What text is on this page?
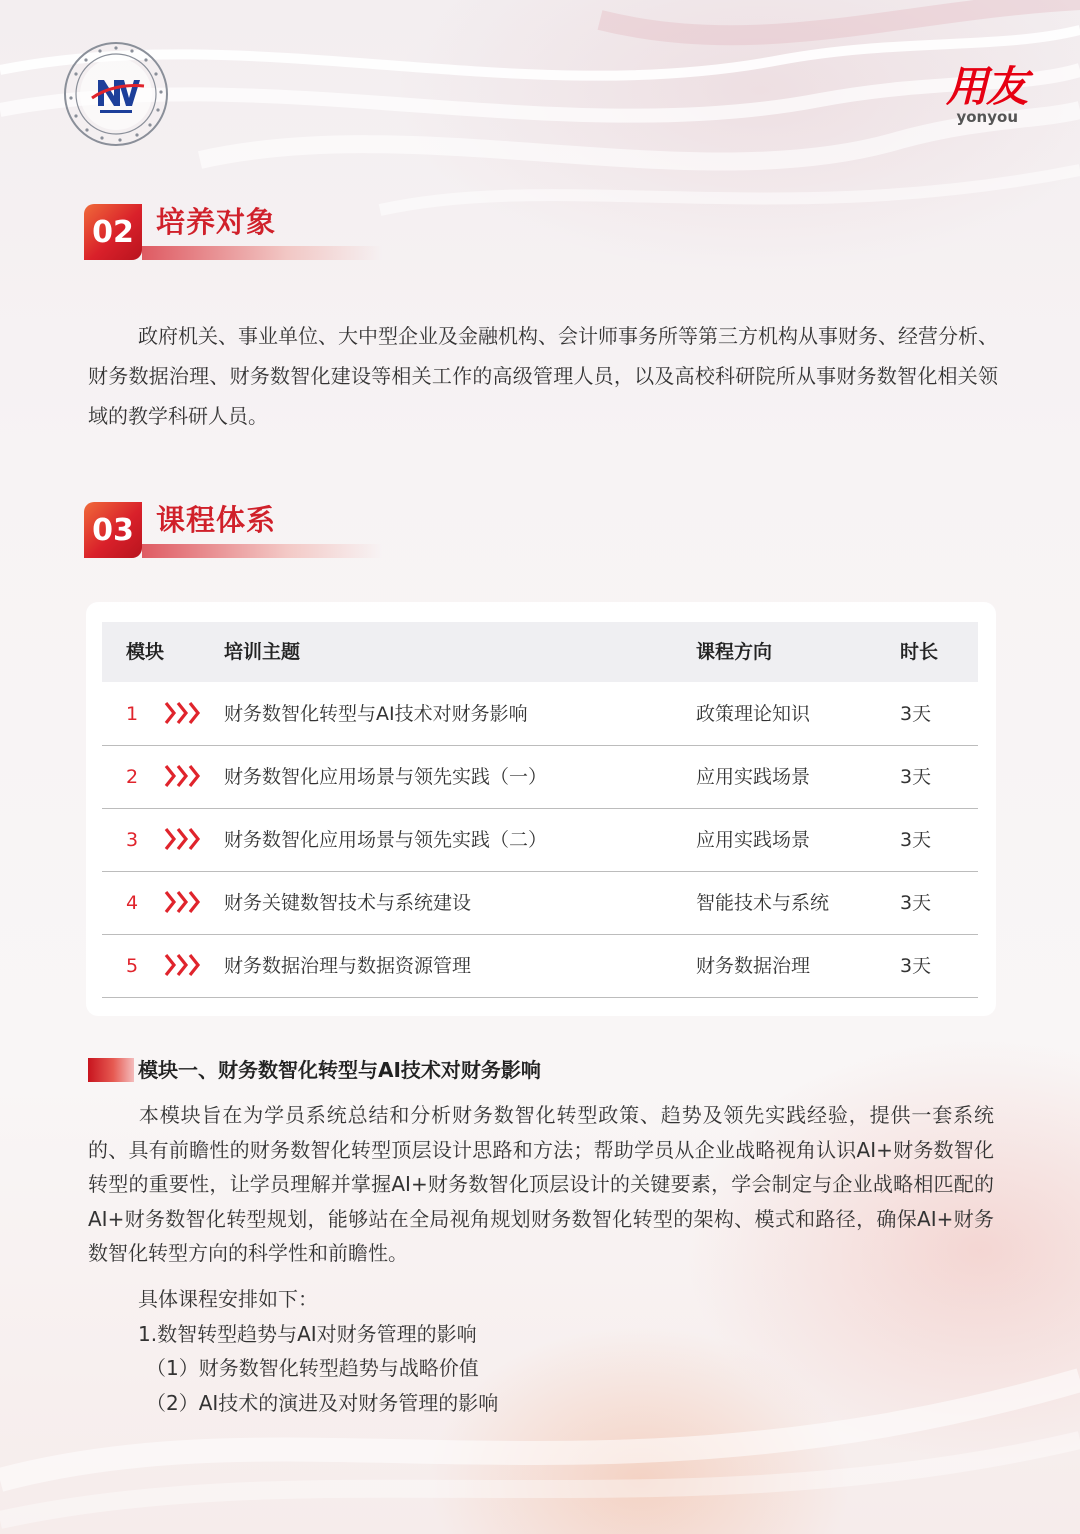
用友
yonyou
02 培养对象
政府机关、事业单位、大中型企业及金融机构、会计师事务所等第三方机构从事财务、经营分析、财务数据治理、财务数智化建设等相关工作的高级管理人员，以及高校科研院所从事财务数智化相关领域的教学科研人员。
03 课程体系
模块	培训主题	课程方向	时长
1	财务数智化转型与AI技术对财务影响	政策理论知识	3天
2	财务数智化应用场景与领先实践（一）	应用实践场景	3天
3	财务数智化应用场景与领先实践（二）	应用实践场景	3天
4	财务关键数智技术与系统建设	智能技术与系统	3天
5	财务数据治理与数据资源管理	财务数据治理	3天
模块一、财务数智化转型与AI技术对财务影响
本模块旨在为学员系统总结和分析财务数智化转型政策、趋势及领先实践经验，提供一套系统的、具有前瞻性的财务数智化转型顶层设计思路和方法；帮助学员从企业战略视角认识AI+财务数智化转型的重要性，让学员理解并掌握AI+财务数智化顶层设计的关键要素，学会制定与企业战略相匹配的AI+财务数智化转型规划，能够站在全局视角规划财务数智化转型的架构、模式和路径，确保AI+财务数智化转型方向的科学性和前瞻性。
具体课程安排如下：
1.数智转型趋势与AI对财务管理的影响
（1）财务数智化转型趋势与战略价值
（2）AI技术的演进及对财务管理的影响
